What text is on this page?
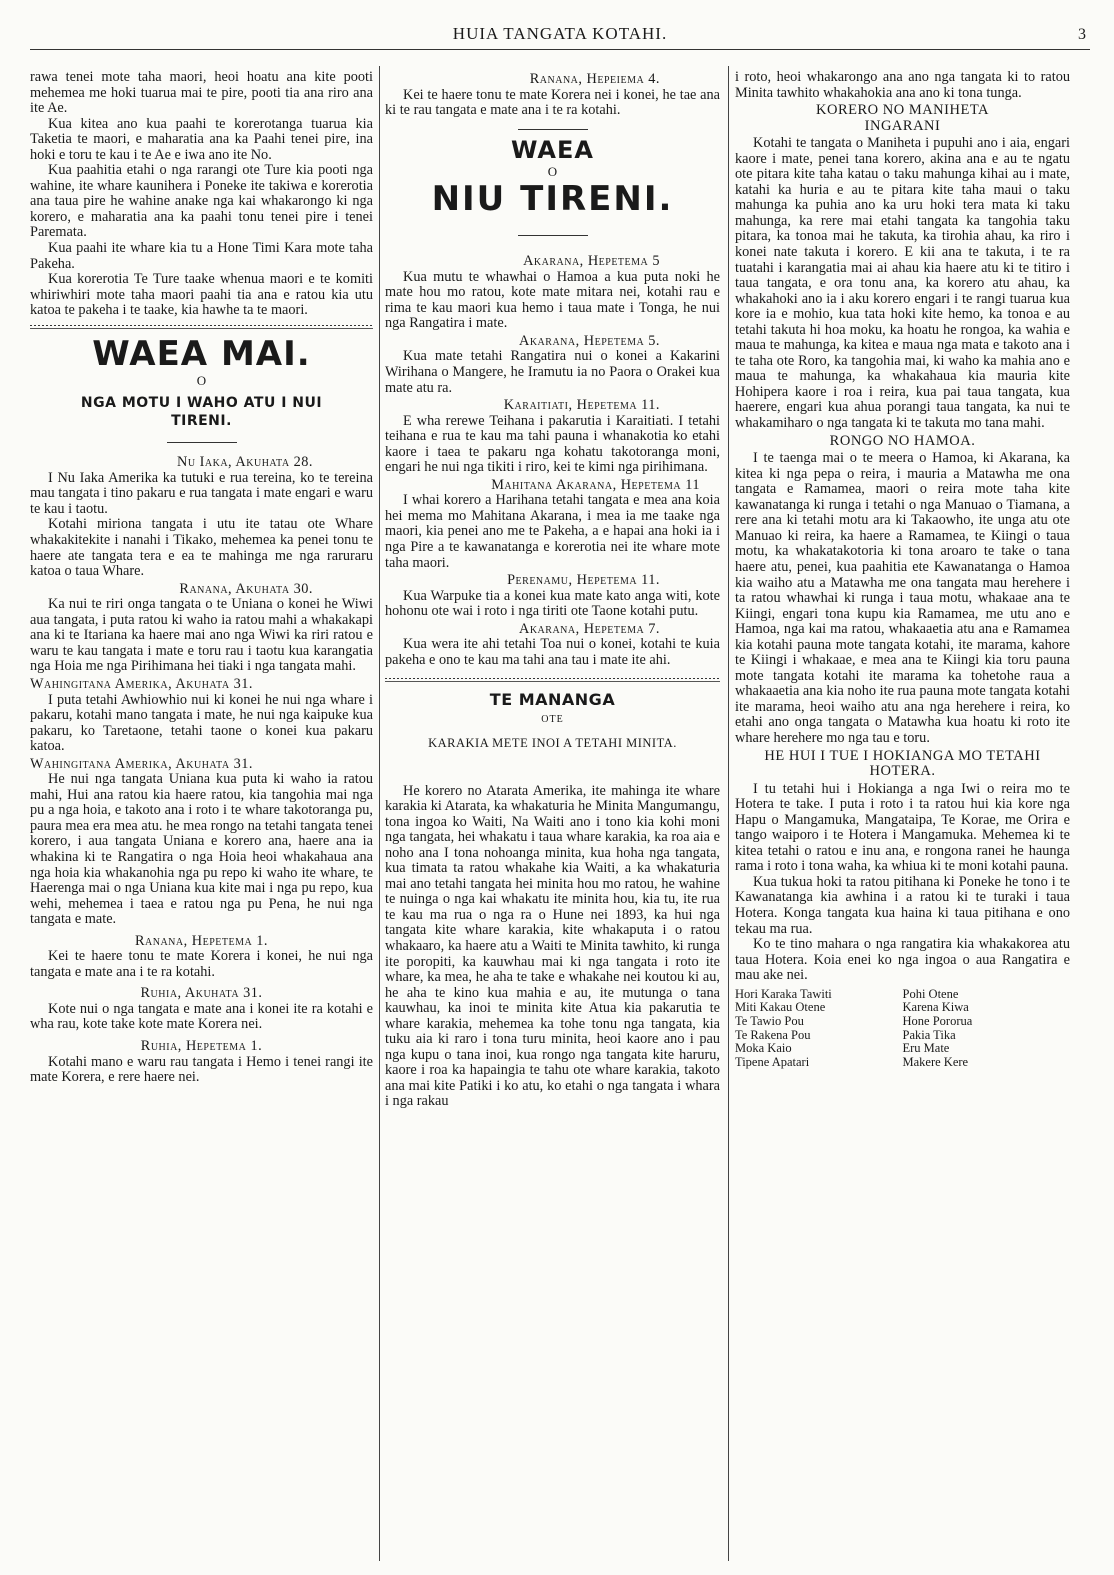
HUIA TANGATA KOTAHI.	3

rawa tenei mote taha maori, heoi hoatu ana kite pooti mehemea me hoki tuarua mai te pire, pooti tia ana riro ana ite Ae.

Kua kitea ano kua paahi te korerotanga tuarua kia Taketia te maori, e maharatia ana ka Paahi tenei pire, ina hoki e toru te kau i te Ae e iwa ano ite No.

Kua paahitia etahi o nga rarangi ote Ture kia pooti nga wahine, ite whare kaunihera i Poneke ite takiwa e korerotia ana taua pire he wahine anake nga kai whakarongo ki nga korero, e maharatia ana ka paahi tonu tenei pire i tenei Paremata.

Kua paahi ite whare kia tu a Hone Timi Kara mote taha Pakeha.

Kua korerotia Te Ture taake whenua maori e te komiti whiriwhiri mote taha maori paahi tia ana e ratou kia utu katoa te pakeha i te taake, kia hawhe ta te maori.

WAEA MAI.
O
NGA MOTU I WAHO ATU I NUI TIRENI.
Nu Iaka, Akuhata 28.

I Nu Iaka Amerika ka tutuki e rua tereina, ko te tereina mau tangata i tino pakaru e rua tangata i mate engari e waru te kau i taotu.

Kotahi miriona tangata i utu ite tatau ote Whare whakakitekite i nanahi i Tikako, mehemea ka penei tonu te haere ate tangata tera e ea te mahinga me nga raruraru katoa o taua Whare.

Ranana, Akuhata 30.

Ka nui te riri onga tangata o te Uniana o konei he Wiwi aua tangata, i puta ratou ki waho ia ratou mahi a whakakapi ana ki te Itariana ka haere mai ano nga Wiwi ka riri ratou e waru te kau tangata i mate e toru rau i taotu kua karangatia nga Hoia me nga Pirihimana hei tiaki i nga tangata mahi.

Wahingitana Amerika, Akuhata 31.

I puta tetahi Awhiowhio nui ki konei he nui nga whare i pakaru, kotahi mano tangata i mate, he nui nga kaipuke kua pakaru, ko Taretaone, tetahi taone o konei kua pakaru katoa.

Wahingitana Amerika, Akuhata 31.

He nui nga tangata Uniana kua puta ki waho ia ratou mahi, Hui ana ratou kia haere ratou, kia tangohia mai nga pu a nga hoia, e takoto ana i roto i te whare takotoranga pu, paura mea era mea atu. he mea rongo na tetahi tangata tenei korero, i aua tangata Uniana e korero ana, haere ana ia whakina ki te Rangatira o nga Hoia heoi whakahaua ana nga hoia kia whakanohia nga pu repo ki waho ite whare, te Haerenga mai o nga Uniana kua kite mai i nga pu repo, kua wehi, mehemea i taea e ratou nga pu Pena, he nui nga tangata e mate.

Ranana, Hepetema 1.

Kei te haere tonu te mate Korera i konei, he nui nga tangata e mate ana i te ra kotahi.

Ruhia, Akuhata 31.

Kote nui o nga tangata e mate ana i konei ite ra kotahi e wha rau, kote take kote mate Korera nei.

Ruhia, Hepetema 1.

Kotahi mano e waru rau tangata i Hemo i tenei rangi ite mate Korera, e rere haere nei.

Ranana, Hepeiema 4.

Kei te haere tonu te mate Korera nei i konei, he tae ana ki te rau tangata e mate ana i te ra kotahi.

WAEA
O
NIU TIRENI.
Akarana, Hepetema 5

Kua mutu te whawhai o Hamoa a kua puta noki he mate hou mo ratou, kote mate mitara nei, kotahi rau e rima te kau maori kua hemo i taua mate i Tonga, he nui nga Rangatira i mate.

Akarana, Hepetema 5.

Kua mate tetahi Rangatira nui o konei a Kakarini Wirihana o Mangere, he Iramutu ia no Paora o Orakei kua mate atu ra.

Karaitiati, Hepetema 11.

E wha rerewe Teihana i pakarutia i Karaitiati. I tetahi teihana e rua te kau ma tahi pauna i whanakotia ko etahi kaore i taea te pakaru nga kohatu takotoranga moni, engari he nui nga tikiti i riro, kei te kimi nga pirihimana.

Mahitana Akarana, Hepetema 11

I whai korero a Harihana tetahi tangata e mea ana koia hei mema mo Mahitana Akarana, i mea ia me taake nga maori, kia penei ano me te Pakeha, a e hapai ana hoki ia i nga Pire a te kawanatanga e korerotia nei ite whare mote taha maori.

Perenamu, Hepetema 11.

Kua Warpuke tia a konei kua mate kato anga witi, kote hohonu ote wai i roto i nga tiriti ote Taone kotahi putu.

Akarana, Hepetema 7.

Kua wera ite ahi tetahi Toa nui o konei, kotahi te kuia pakeha e ono te kau ma tahi ana tau i mate ite ahi.

TE MANANGA
OTE
KARAKIA METE INOI A TETAHI MINITA.

He korero no Atarata Amerika, ite mahinga ite whare karakia ki Atarata, ka whakaturia he Minita Mangumangu, tona ingoa ko Waiti, Na Waiti ano i tono kia kohi moni nga tangata, hei whakatu i taua whare karakia, ka roa aia e noho ana I tona nohoanga minita, kua hoha nga tangata, kua timata ta ratou whakahe kia Waiti, a ka whakaturia mai ano tetahi tangata hei minita hou mo ratou, he wahine te nuinga o nga kai whakatu ite minita hou, kia tu, ite rua te kau ma rua o nga ra o Hune nei 1893, ka hui nga tangata kite whare karakia, kite whakaputa i o ratou whakaaro, ka haere atu a Waiti te Minita tawhito, ki runga ite poropiti, ka kauwhau mai ki nga tangata i roto ite whare, ka mea, he aha te take e whakahe nei koutou ki au, he aha te kino kua mahia e au, ite mutunga o tana kauwhau, ka inoi te minita kite Atua kia pakarutia te whare karakia, mehemea ka tohe tonu nga tangata, kia tuku aia ki raro i tona turu minita, heoi kaore ano i pau nga kupu o tana inoi, kua rongo nga tangata kite haruru, kaore i roa ka hapaingia te tahu ote whare karakia, takoto ana mai kite Patiki i ko atu, ko etahi o nga tangata i whara i nga rakau

i roto, heoi whakarongo ana ano nga tangata ki to ratou Minita tawhito whakahokia ana ano ki tona tunga.

KORERO NO MANIHETA INGARANI

Kotahi te tangata o Maniheta i pupuhi ano i aia, engari kaore i mate, penei tana korero, akina ana e au te ngatu ote pitara kite taha katau o taku mahunga kihai au i mate, katahi ka huria e au te pitara kite taha maui o taku mahunga ka puhia ano ka uru hoki tera mata ki taku mahunga, ka rere mai etahi tangata ka tangohia taku pitara, ka tonoa mai he takuta, ka tirohia ahau, ka riro i konei nate takuta i korero. E kii ana te takuta, i te ra tuatahi i karangatia mai ai ahau kia haere atu ki te titiro i taua tangata, e ora tonu ana, ka korero atu ahau, ka whakahoki ano ia i aku korero engari i te rangi tuarua kua kore ia e mohio, kua tata hoki kite hemo, ka tonoa e au tetahi takuta hi hoa moku, ka hoatu he rongoa, ka wahia e maua te mahunga, ka kitea e maua nga mata e takoto ana i te taha ote Roro, ka tangohia mai, ki waho ka mahia ano e maua te mahunga, ka whakahaua kia mauria kite Hohipera kaore i roa i reira, kua pai taua tangata, kua haerere, engari kua ahua porangi taua tangata, ka nui te whakamiharo o nga tangata ki te takuta mo tana mahi.

RONGO NO HAMOA.

I te taenga mai o te meera o Hamoa, ki Akarana, ka kitea ki nga pepa o reira, i mauria a Matawha me ona tangata e Ramamea, maori o reira mote taha kite kawanatanga ki runga i tetahi o nga Manuao o Tiamana, a rere ana ki tetahi motu ara ki Takaowho, ite unga atu ote Manuao ki reira, ka haere a Ramamea, te Kiingi o taua motu, ka whakatakotoria ki tona aroaro te take o tana haere atu, penei, kua paahitia ete Kawanatanga o Hamoa kia waiho atu a Matawha me ona tangata mau herehere i ta ratou whawhai ki runga i taua motu, whakaae ana te Kiingi, engari tona kupu kia Ramamea, me utu ano e Hamoa, nga kai ma ratou, whakaaetia atu ana e Ramamea kia kotahi pauna mote tangata kotahi, ite marama, kahore te Kiingi i whakaae, e mea ana te Kiingi kia toru pauna mote tangata kotahi ite marama ka tohetohe raua a whakaaetia ana kia noho ite rua pauna mote tangata kotahi ite marama, heoi waiho atu ana nga herehere i reira, ko etahi ano onga tangata o Matawha kua hoatu ki roto ite whare herehere mo nga tau e toru.

HE HUI I TUE I HOKIANGA MO TETAHI HOTERA.

I tu tetahi hui i Hokianga a nga Iwi o reira mo te Hotera te take. I puta i roto i ta ratou hui kia kore nga Hapu o Mangamuka, Mangataipa, Te Korae, me Orira e tango waiporo i te Hotera i Mangamuka. Mehemea ki te kitea tetahi o ratou e inu ana, e rongona ranei he haunga rama i roto i tona waha, ka whiua ki te moni kotahi pauna.

Kua tukua hoki ta ratou pitihana ki Poneke he tono i te Kawanatanga kia awhina i a ratou ki te turaki i taua Hotera. Konga tangata kua haina ki taua pitihana e ono tekau ma rua.

Ko te tino mahara o nga rangatira kia whakakorea atu taua Hotera. Koia enei ko nga ingoa o aua Rangatira e mau ake nei.

Hori Karaka Tawiti	Pohi Otene
Miti Kakau Otene	Karena Kiwa
Te Tawio Pou	Hone Pororua
Te Rakena Pou	Pakia Tika
Moka Kaio	Eru Mate
Tipene Apatari	Makere Kere
